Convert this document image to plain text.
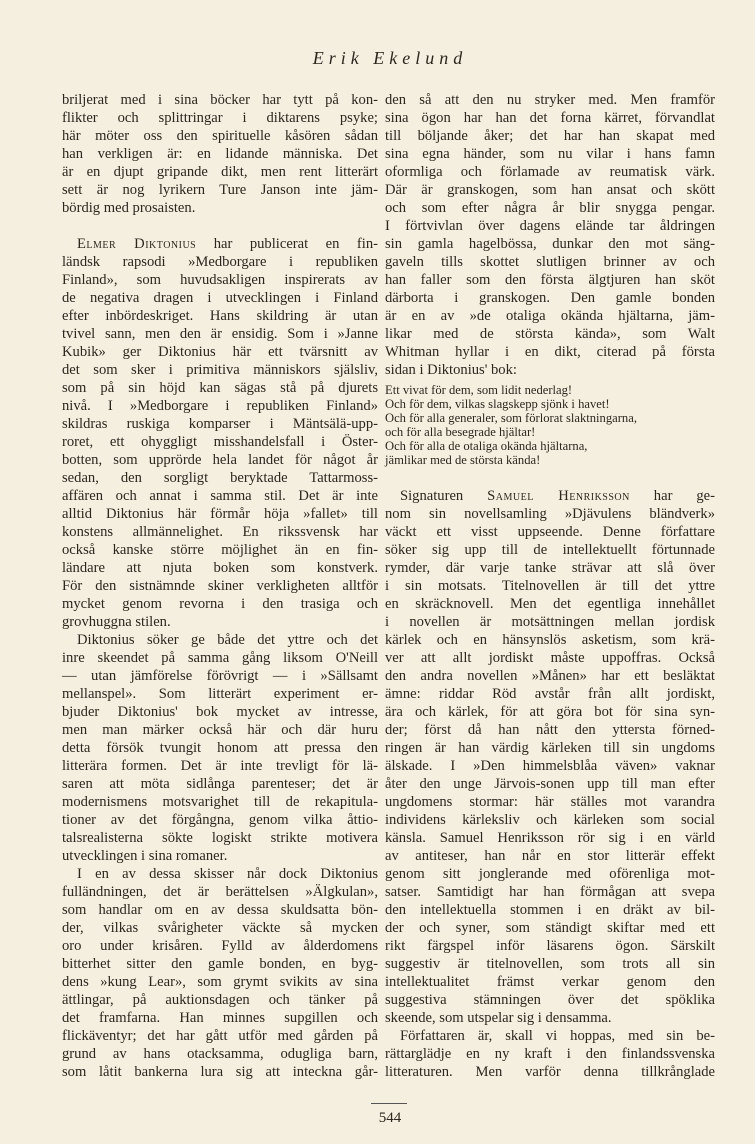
Erik Ekelund
briljerat med i sina böcker har tytt på kon-
flikter och splittringar i diktarens psyke;
här möter oss den spirituelle kåsören sådan
han verkligen är: en lidande människa. Det
är en djupt gripande dikt, men rent litterärt
sett är nog lyrikern Ture Janson inte jäm-
bördig med prosaisten.
Elmer Diktonius har publicerat en fin-
ländsk rapsodi »Medborgare i republiken
Finland», som huvudsakligen inspirerats av
de negativa dragen i utvecklingen i Finland
efter inbördeskriget. Hans skildring är utan
tvivel sann, men den är ensidig. Som i »Janne
Kubik» ger Diktonius här ett tvärsnitt av
det som sker i primitiva människors själsliv,
som på sin höjd kan sägas stå på djurets
nivå. I »Medborgare i republiken Finland»
skildras ruskiga komparser i Mäntsälä-upp-
roret, ett ohyggligt misshandelsfall i Öster-
botten, som upprörde hela landet för något år
sedan, den sorgligt beryktade Tattarmoss-
affären och annat i samma stil. Det är inte
alltid Diktonius här förmår höja »fallet» till
konstens allmännelighet. En rikssvensk har
också kanske större möjlighet än en fin-
ländare att njuta boken som konstverk.
För den sistnämnde skiner verkligheten alltför
mycket genom revorna i den trasiga och
grovhuggna stilen.
Diktonius söker ge både det yttre och det
inre skeendet på samma gång liksom O'Neill
— utan jämförelse förövrigt — i »Sällsamt
mellanspel». Som litterärt experiment er-
bjuder Diktonius' bok mycket av intresse,
men man märker också här och där huru
detta försök tvungit honom att pressa den
litterära formen. Det är inte trevligt för lä-
saren att möta sidlånga parenteser; det är
modernismens motsvarighet till de rekapitula-
tioner av det förgångna, genom vilka åttio-
talsrealisterna sökte logiskt strikte motivera
utvecklingen i sina romaner.
I en av dessa skisser når dock Diktonius
fulländningen, det är berättelsen »Älgkulan»,
som handlar om en av dessa skuldsatta bön-
der, vilkas svårigheter väckte så mycken
oro under krisåren. Fylld av ålderdomens
bitterhet sitter den gamle bonden, en byg-
dens »kung Lear», som grymt svikits av sina
ättlingar, på auktionsdagen och tänker på
det framfarna. Han minnes supgillen och
flickäventyr; det har gått utför med gården på
grund av hans otacksamma, odugliga barn,
som låtit bankerna lura sig att inteckna går-
den så att den nu stryker med. Men framför
sina ögon har han det forna kärret, förvandlat
till böljande åker; det har han skapat med
sina egna händer, som nu vilar i hans famn
oformliga och förlamade av reumatisk värk.
Där är granskogen, som han ansat och skött
och som efter några år blir snygga pengar.
I förtvivlan över dagens elände tar åldringen
sin gamla hagelbössa, dunkar den mot säng-
gaveln tills skottet slutligen brinner av och
han faller som den första älgtjuren han sköt
därborta i granskogen. Den gamle bonden
är en av »de otaliga okända hjältarna, jäm-
likar med de största kända», som Walt
Whitman hyllar i en dikt, citerad på första
sidan i Diktonius' bok:
Ett vivat för dem, som lidit nederlag!
Och för dem, vilkas slagskepp sjönk i havet!
Och för alla generaler, som förlorat slaktningarna,
och för alla besegrade hjältar!
Och för alla de otaliga okända hjältarna,
jämlikar med de största kända!
Signaturen Samuel Henriksson har ge-
nom sin novellsamling »Djävulens bländverk»
väckt ett visst uppseende. Denne författare
söker sig upp till de intellektuellt förtunnade
rymder, där varje tanke strävar att slå över
i sin motsats. Titelnovellen är till det yttre
en skräcknovell. Men det egentliga innehållet
i novellen är motsättningen mellan jordisk
kärlek och en hänsynslös asketism, som krä-
ver att allt jordiskt måste uppoffras. Också
den andra novellen »Månen» har ett besläktat
ämne: riddar Röd avstår från allt jordiskt,
ära och kärlek, för att göra bot för sina syn-
der; först då han nått den yttersta förned-
ringen är han värdig kärleken till sin ungdoms
älskade. I »Den himmelsblåa väven» vaknar
åter den unge Järvois-sonen upp till man efter
ungdomens stormar: här ställes mot varandra
individens kärleksliv och kärleken som social
känsla. Samuel Henriksson rör sig i en värld
av antiteser, han når en stor litterär effekt
genom sitt jonglerande med oförenliga mot-
satser. Samtidigt har han förmågan att svepa
den intellektuella stommen i en dräkt av bil-
der och syner, som ständigt skiftar med ett
rikt färgspel inför läsarens ögon. Särskilt
suggestiv är titelnovellen, som trots all sin
intellektualitet främst verkar genom den
suggestiva stämningen över det spöklika
skeende, som utspelar sig i densamma.
Författaren är, skall vi hoppas, med sin be-
rättarglädje en ny kraft i den finlandssvenska
litteraturen. Men varför denna tillkrånglade
544
